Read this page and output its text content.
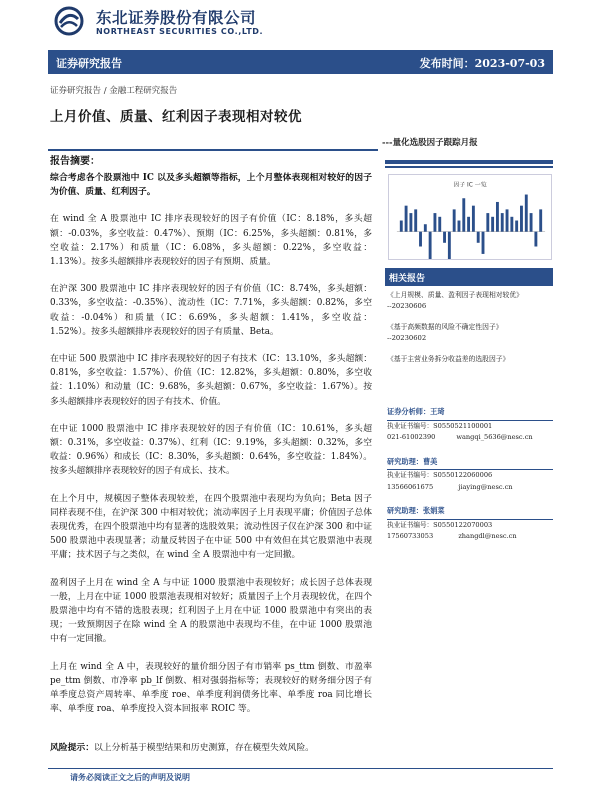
东北证券股份有限公司
NORTHEAST SECURITIES CO.,LTD.
证券研究报告	发布时间：2023-07-03
证券研究报告 / 金融工程研究报告
上月价值、质量、红利因子表现相对较优
---量化选股因子跟踪月报
报告摘要：

综合考虑各个股票池中 IC 以及多头超额等指标，上个月整体表现相对较好的因子为价值、质量、红利因子。

在 wind 全 A 股票池中 IC 排序表现较好的因子有价值（IC：8.18%，多头超额：-0.03%，多空收益：0.47%）、预期（IC：6.25%，多头超额：0.81%，多空收益：2.17%）和质量（IC：6.08%，多头超额：0.22%，多空收益：1.13%）。按多头超额排序表现较好的因子有预期、质量。

在沪深 300 股票池中 IC 排序表现较好的因子有价值（IC：8.74%，多头超额：0.33%，多空收益：-0.35%）、流动性（IC：7.71%，多头超额：0.82%，多空收益：-0.04%）和质量（IC：6.69%，多头超额：1.41%，多空收益：1.52%）。按多头超额排序表现较好的因子有质量、Beta。

在中证 500 股票池中 IC 排序表现较好的因子有技术（IC：13.10%，多头超额：0.81%，多空收益：1.57%）、价值（IC：12.82%，多头超额：0.80%，多空收益：1.10%）和动量（IC：9.68%，多头超额：0.67%，多空收益：1.67%）。按多头超额排序表现较好的因子有技术、价值。

在中证 1000 股票池中 IC 排序表现较好的因子有价值（IC：10.61%，多头超额：0.31%，多空收益：0.37%）、红利（IC：9.19%，多头超额：0.32%，多空收益：0.96%）和成长（IC：8.30%，多头超额：0.64%，多空收益：1.84%）。按多头超额排序表现较好的因子有成长、技术。

在上个月中，规模因子整体表现较差，在四个股票池中表现均为负向；Beta 因子同样表现不佳，在沪深 300 中相对较优；流动率因子上月表现平庸；价值因子总体表现优秀，在四个股票池中均有显著的选股效果；流动性因子仅在沪深 300 和中证 500 股票池中表现显著；动量反转因子在中证 500 中有效但在其它股票池中表现平庸；技术因子与之类似，在 wind 全 A 股票池中有一定回撤。

盈利因子上月在 wind 全 A 与中证 1000 股票池中表现较好；成长因子总体表现一般，上月在中证 1000 股票池表现相对较好；质量因子上个月表现较优，在四个股票池中均有不错的选股表现；红利因子上月在中证 1000 股票池中有突出的表现；一致预期因子在除 wind 全 A 的股票池中表现均不佳，在中证 1000 股票池中有一定回撤。

上月在 wind 全 A 中，表现较好的量价细分因子有市销率 ps_ttm 倒数、市盈率 pe_ttm 倒数、市净率 pb_lf 倒数、相对强弱指标等；表现较好的财务细分因子有单季度总资产周转率、单季度 roe、单季度利润债务比率、单季度 roa 同比增长率、单季度 roa、单季度投入资本回报率 ROIC 等。

风险提示：以上分析基于模型结果和历史测算，存在模型失效风险。
请务必阅读正文之后的声明及说明
因子 IC 一览
相关报告
《上月规模、质量、盈利因子表现相对较优》
--20230606
《基于高频数据的风险不确定性因子》
--20230602
《基于主营业务拆分收益差的选股因子》
证券分析师：王琦
执业证书编号：S0550521100001
021-61002390	wangqi_5636@nesc.cn
研究助理：曹美
执业证书编号：S0550122060006
13566061675	jiaying@nesc.cn
研究助理：张娟菜
执业证书编号：S0550122070003
17560733053	zhangdl@nesc.cn
